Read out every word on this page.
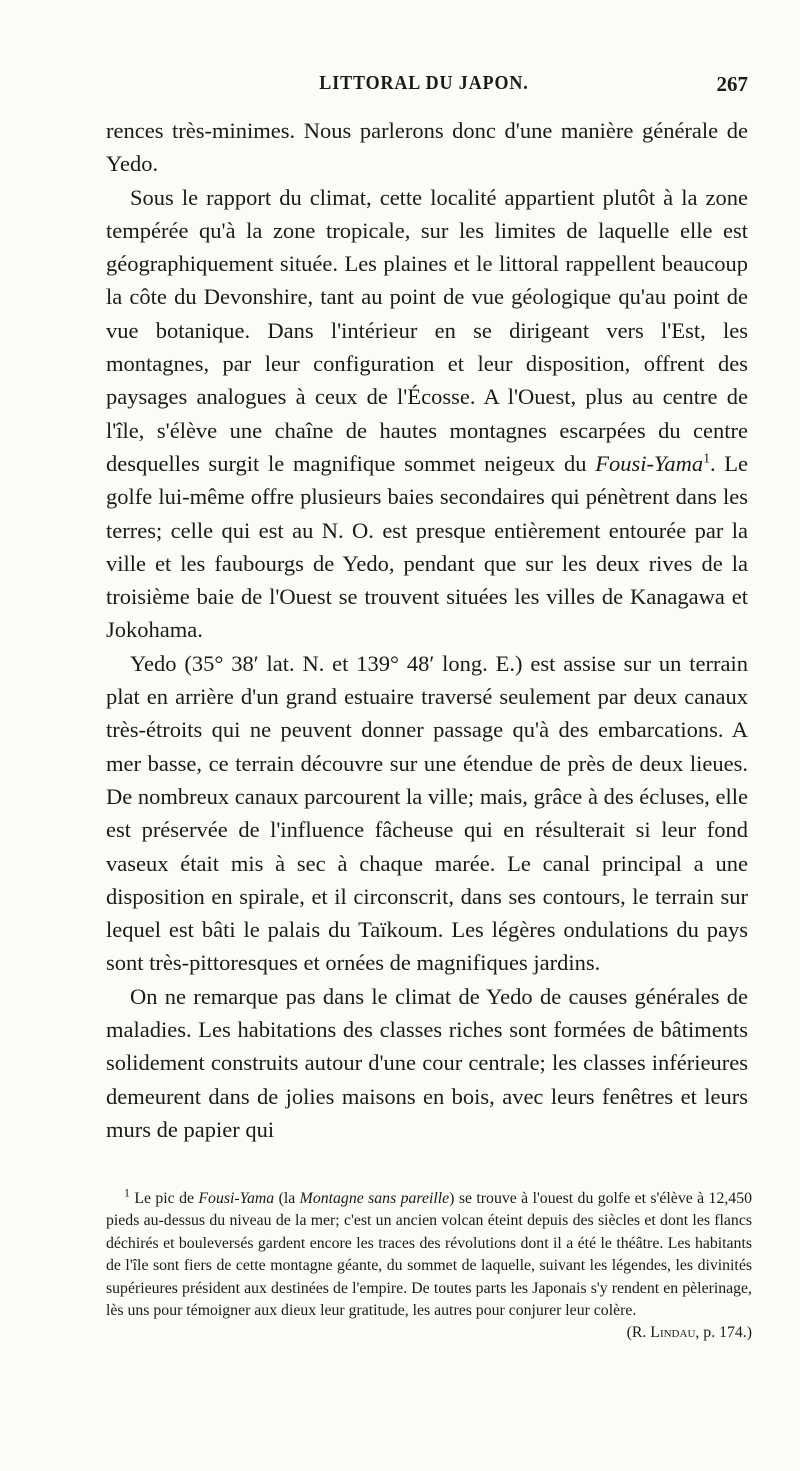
LITTORAL DU JAPON.	267

rences très-minimes. Nous parlerons donc d'une manière générale de Yedo.

Sous le rapport du climat, cette localité appartient plutôt à la zone tempérée qu'à la zone tropicale, sur les limites de laquelle elle est géographiquement située. Les plaines et le littoral rappellent beaucoup la côte du Devonshire, tant au point de vue géologique qu'au point de vue botanique. Dans l'intérieur en se dirigeant vers l'Est, les montagnes, par leur configuration et leur disposition, offrent des paysages analogues à ceux de l'Écosse. A l'Ouest, plus au centre de l'île, s'élève une chaîne de hautes montagnes escarpées du centre desquelles surgit le magnifique sommet neigeux du Fousi-Yama$^1$. Le golfe lui-même offre plusieurs baies secondaires qui pénètrent dans les terres; celle qui est au N. O. est presque entièrement entourée par la ville et les faubourgs de Yedo, pendant que sur les deux rives de la troisième baie de l'Ouest se trouvent situées les villes de Kanagawa et Jokohama.

Yedo (35° 38′ lat. N. et 139° 48′ long. E.) est assise sur un terrain plat en arrière d'un grand estuaire traversé seulement par deux canaux très-étroits qui ne peuvent donner passage qu'à des embarcations. A mer basse, ce terrain découvre sur une étendue de près de deux lieues. De nombreux canaux parcourent la ville; mais, grâce à des écluses, elle est préservée de l'influence fâcheuse qui en résulterait si leur fond vaseux était mis à sec à chaque marée. Le canal principal a une disposition en spirale, et il circonscrit, dans ses contours, le terrain sur lequel est bâti le palais du Taïkoum. Les légères ondulations du pays sont très-pittoresques et ornées de magnifiques jardins.

On ne remarque pas dans le climat de Yedo de causes générales de maladies. Les habitations des classes riches sont formées de bâtiments solidement construits autour d'une cour centrale; les classes inférieures demeurent dans de jolies maisons en bois, avec leurs fenêtres et leurs murs de papier qui

$^1$ Le pic de Fousi-Yama (la Montagne sans pareille) se trouve à l'ouest du golfe et s'élève à 12,450 pieds au-dessus du niveau de la mer; c'est un ancien volcan éteint depuis des siècles et dont les flancs déchirés et bouleversés gardent encore les traces des révolutions dont il a été le théâtre. Les habitants de l'île sont fiers de cette montagne géante, du sommet de laquelle, suivant les légendes, les divinités supérieures président aux destinées de l'empire. De toutes parts les Japonais s'y rendent en pèlerinage, lès uns pour témoigner aux dieux leur gratitude, les autres pour conjurer leur colère.
(R. Lindau, p. 174.)
